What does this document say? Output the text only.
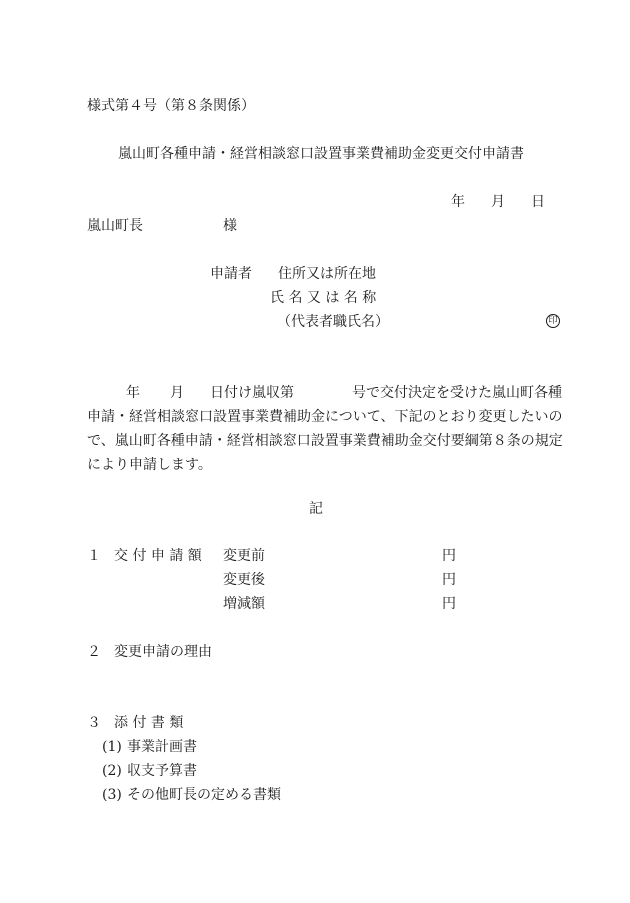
様式第４号（第８条関係）
嵐山町各種申請・経営相談窓口設置事業費補助金変更交付申請書
年 月 日
嵐山町長	様
申請者 住所又は所在地
氏 名 又 は 名 称
（代表者職氏名）	印
年 月 日付け嵐収第	号で交付決定を受けた嵐山町各種
申請・経営相談窓口設置事業費補助金について、下記のとおり変更したいの
で、嵐山町各種申請・経営相談窓口設置事業費補助金交付要綱第８条の規定
により申請します。
記
１ 交 付 申 請 額 変更前	円
変更後	円
増減額	円
２ 変更申請の理由
３ 添 付 書 類
(1) 事業計画書
(2) 収支予算書
(3) その他町長の定める書類
